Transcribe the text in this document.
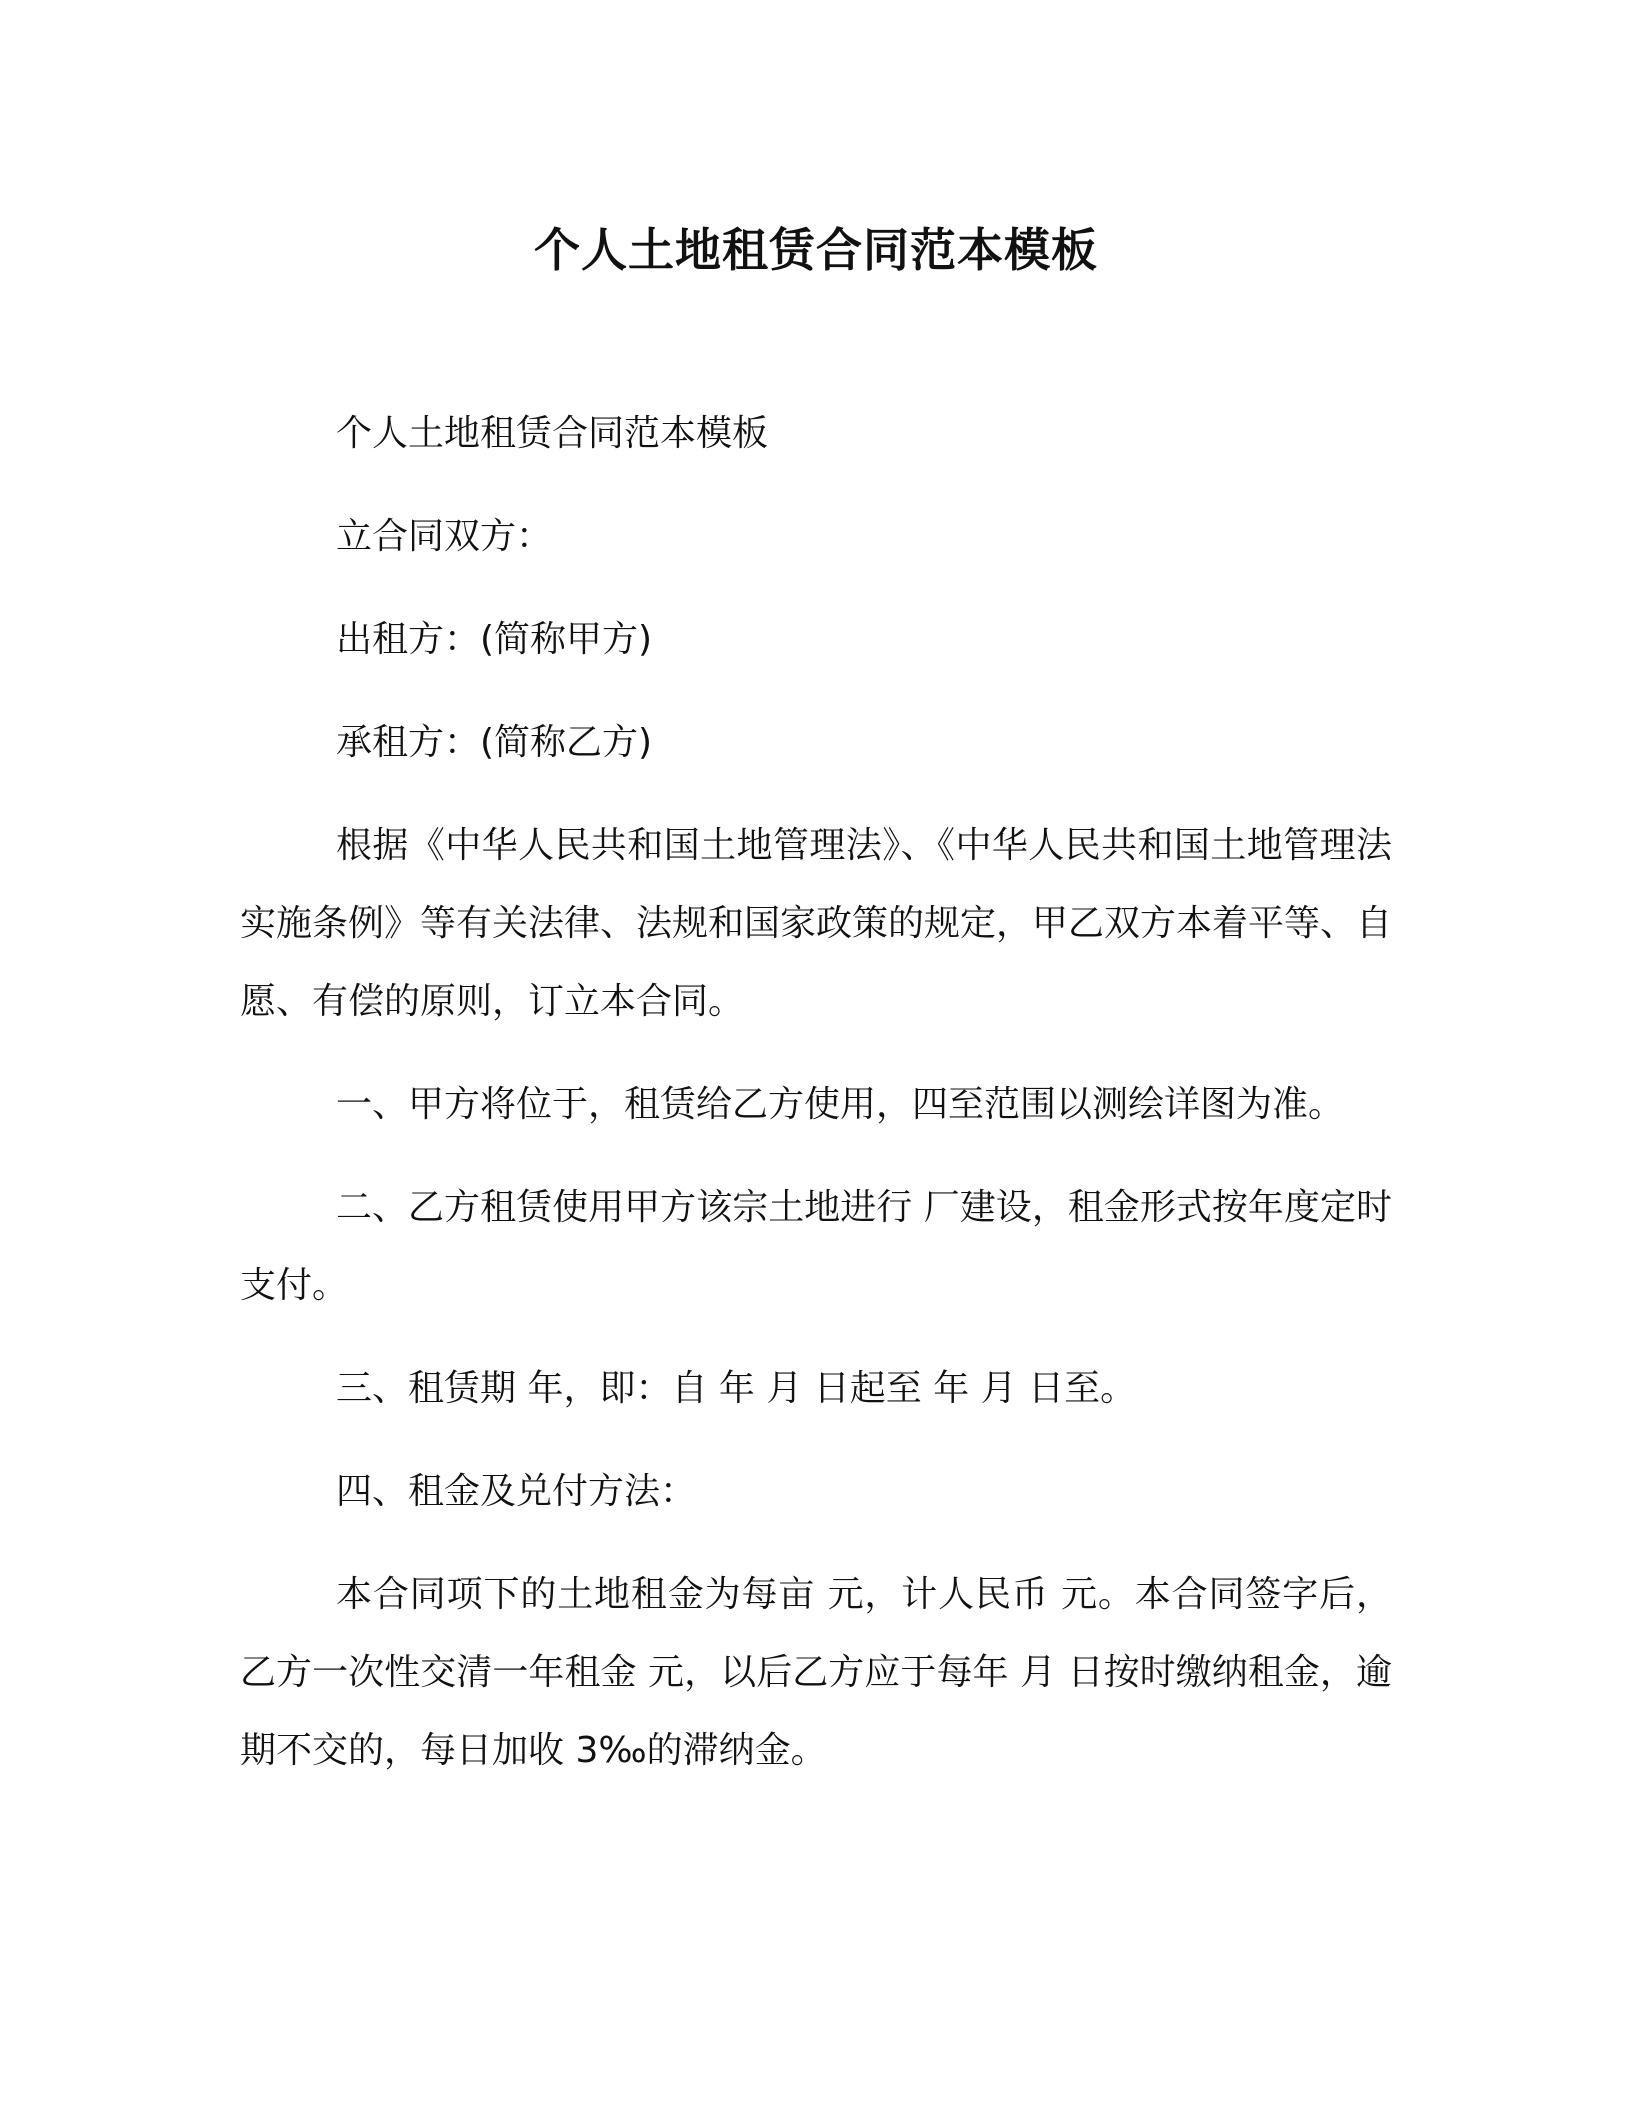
个人土地租赁合同范本模板

个人土地租赁合同范本模板

立合同双方：

出租方：(简称甲方)

承租方：(简称乙方)

根据《中华人民共和国土地管理法》、《中华人民共和国土地管理法实施条例》等有关法律、法规和国家政策的规定，甲乙双方本着平等、自愿、有偿的原则，订立本合同。

一、甲方将位于，租赁给乙方使用，四至范围以测绘详图为准。

二、乙方租赁使用甲方该宗土地进行 厂建设，租金形式按年度定时支付。

三、租赁期 年，即：自 年 月 日起至 年 月 日至。

四、租金及兑付方法：

本合同项下的土地租金为每亩 元，计人民币 元。本合同签字后，乙方一次性交清一年租金 元，以后乙方应于每年 月 日按时缴纳租金，逾期不交的，每日加收 3‰的滞纳金。
